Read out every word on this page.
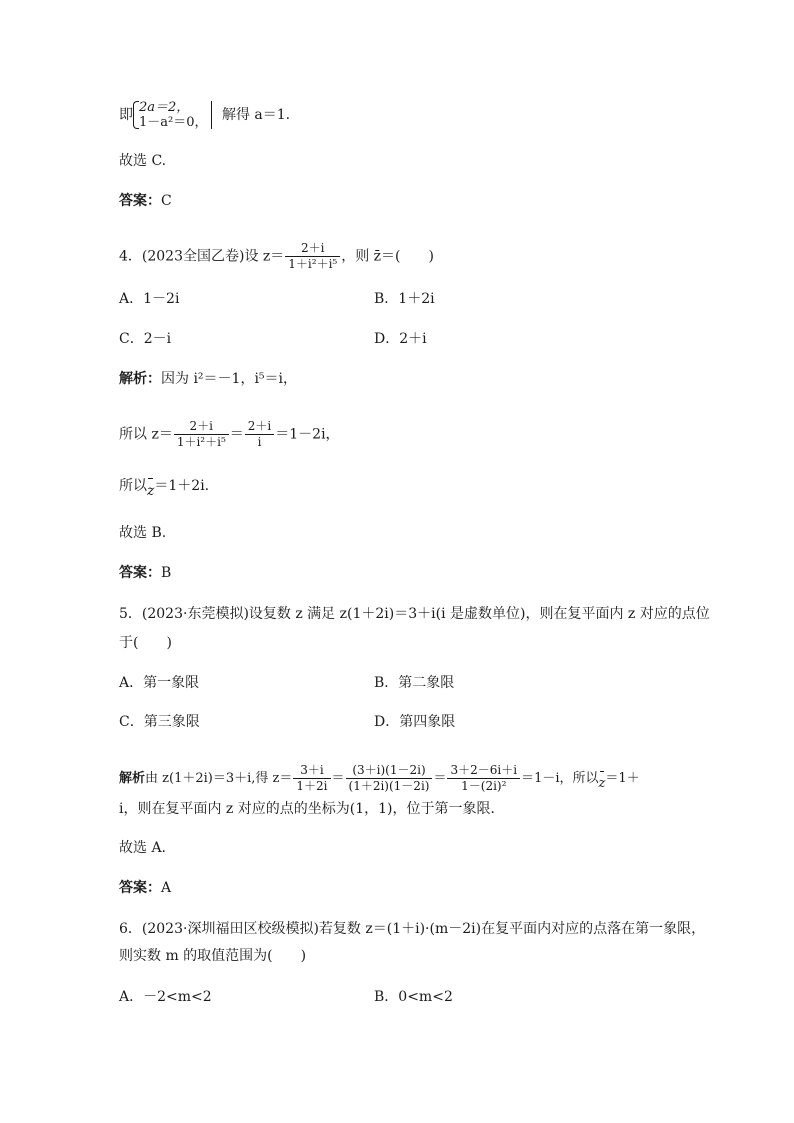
即 2a＝2，
1－a²＝0， 解得 a＝1.
故选 C.
答案：C
4．(2023全国乙卷)设 $z= \frac{2+i}{\text{1＋i²＋i⁵}}$ ，则 z̄＝(　　)
A．1－2i	B．1＋2i
C．2－i	D．2＋i
解析：因为 i²＝－1，i⁵＝i，
所以 $z= \frac{2+i}{\text{1＋i²＋i⁵}} = \frac{2+i}{i} =1-2i$，
所以z＝1＋2i.
故选 B.
答案：B
5．(2023·东莞模拟)设复数 z 满足 z(1＋2i)＝3＋i(i 是虚数单位)，则在复平面内 z 对应的点位
于(　　)
A．第一象限	B．第二象限
C．第三象限	D．第四象限
解析由 z(1＋2i)＝3＋i,得 $z= \frac{3+i}{1+2i} = \frac{(3+i)(1-2i)}{(1+2i)(1-2i)} = \frac{3+2-6i+i}{\text{1－(2i)²}} =1-i$，所以z＝1＋
i，则在复平面内 z 对应的点的坐标为(1，1)，位于第一象限．
故选 A.
答案：A
6．(2023·深圳福田区校级模拟)若复数 z＝(1＋i)·(m－2i)在复平面内对应的点落在第一象限，
则实数 m 的取值范围为(　　)
A．－2<m<2	B．0<m<2
